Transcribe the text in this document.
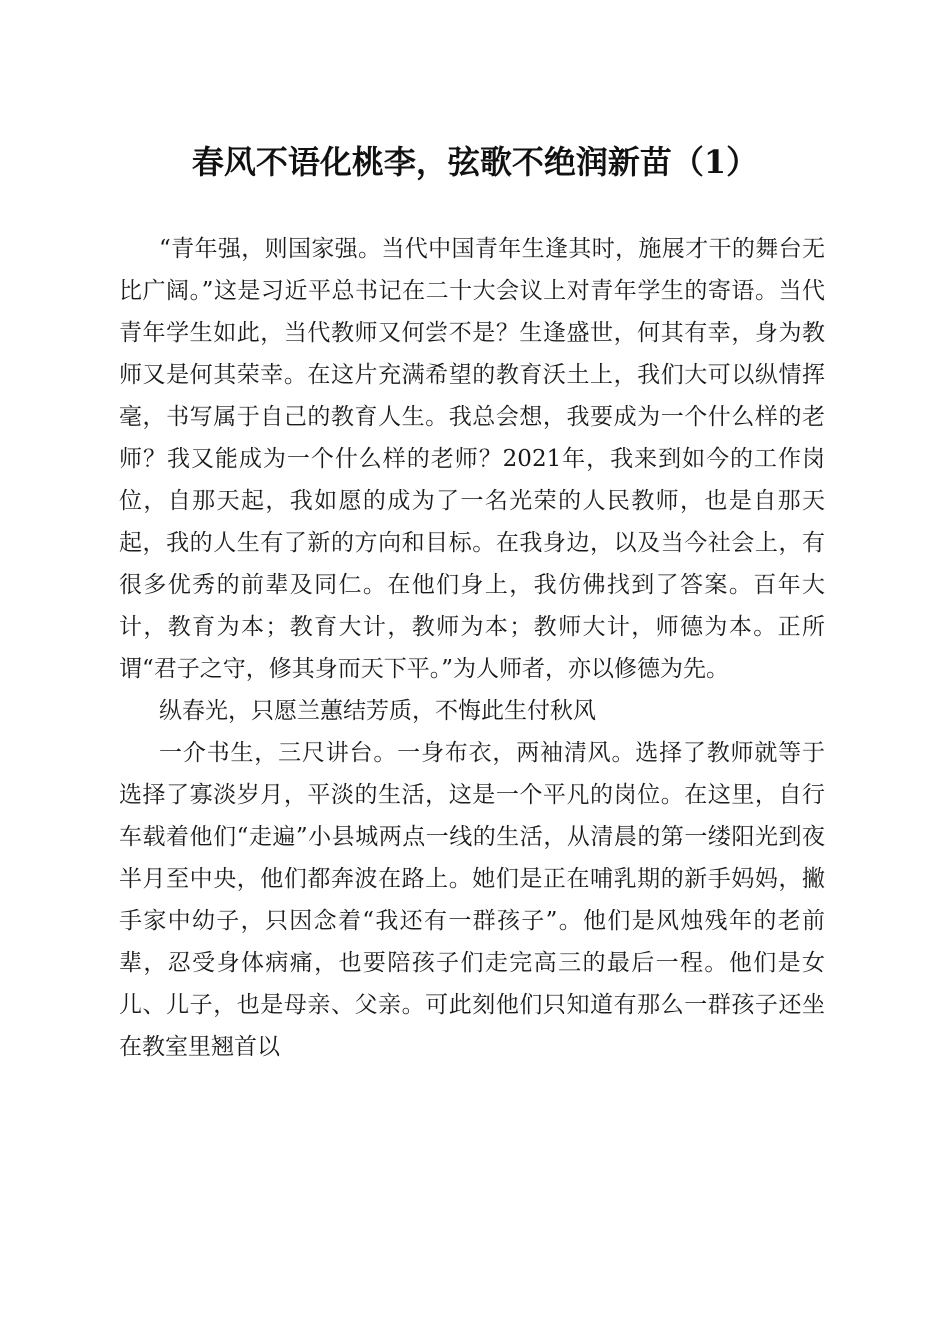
春风不语化桃李，弦歌不绝润新苗（1）

“青年强，则国家强。当代中国青年生逢其时，施展才干的舞台无比广阔。”这是习近平总书记在二十大会议上对青年学生的寄语。当代青年学生如此，当代教师又何尝不是？生逢盛世，何其有幸，身为教师又是何其荣幸。在这片充满希望的教育沃土上，我们大可以纵情挥毫，书写属于自己的教育人生。我总会想，我要成为一个什么样的老师？我又能成为一个什么样的老师？2021年，我来到如今的工作岗位，自那天起，我如愿的成为了一名光荣的人民教师，也是自那天起，我的人生有了新的方向和目标。在我身边，以及当今社会上，有很多优秀的前辈及同仁。在他们身上，我仿佛找到了答案。百年大计，教育为本；教育大计，教师为本；教师大计，师德为本。正所谓“君子之守，修其身而天下平。”为人师者，亦以修德为先。

纵春光，只愿兰蕙结芳质，不悔此生付秋风

一介书生，三尺讲台。一身布衣，两袖清风。选择了教师就等于选择了寡淡岁月，平淡的生活，这是一个平凡的岗位。在这里，自行车载着他们“走遍”小县城两点一线的生活，从清晨的第一缕阳光到夜半月至中央，他们都奔波在路上。她们是正在哺乳期的新手妈妈，撇手家中幼子，只因念着“我还有一群孩子”。他们是风烛残年的老前辈，忍受身体病痛，也要陪孩子们走完高三的最后一程。他们是女儿、儿子，也是母亲、父亲。可此刻他们只知道有那么一群孩子还坐在教室里翘首以
